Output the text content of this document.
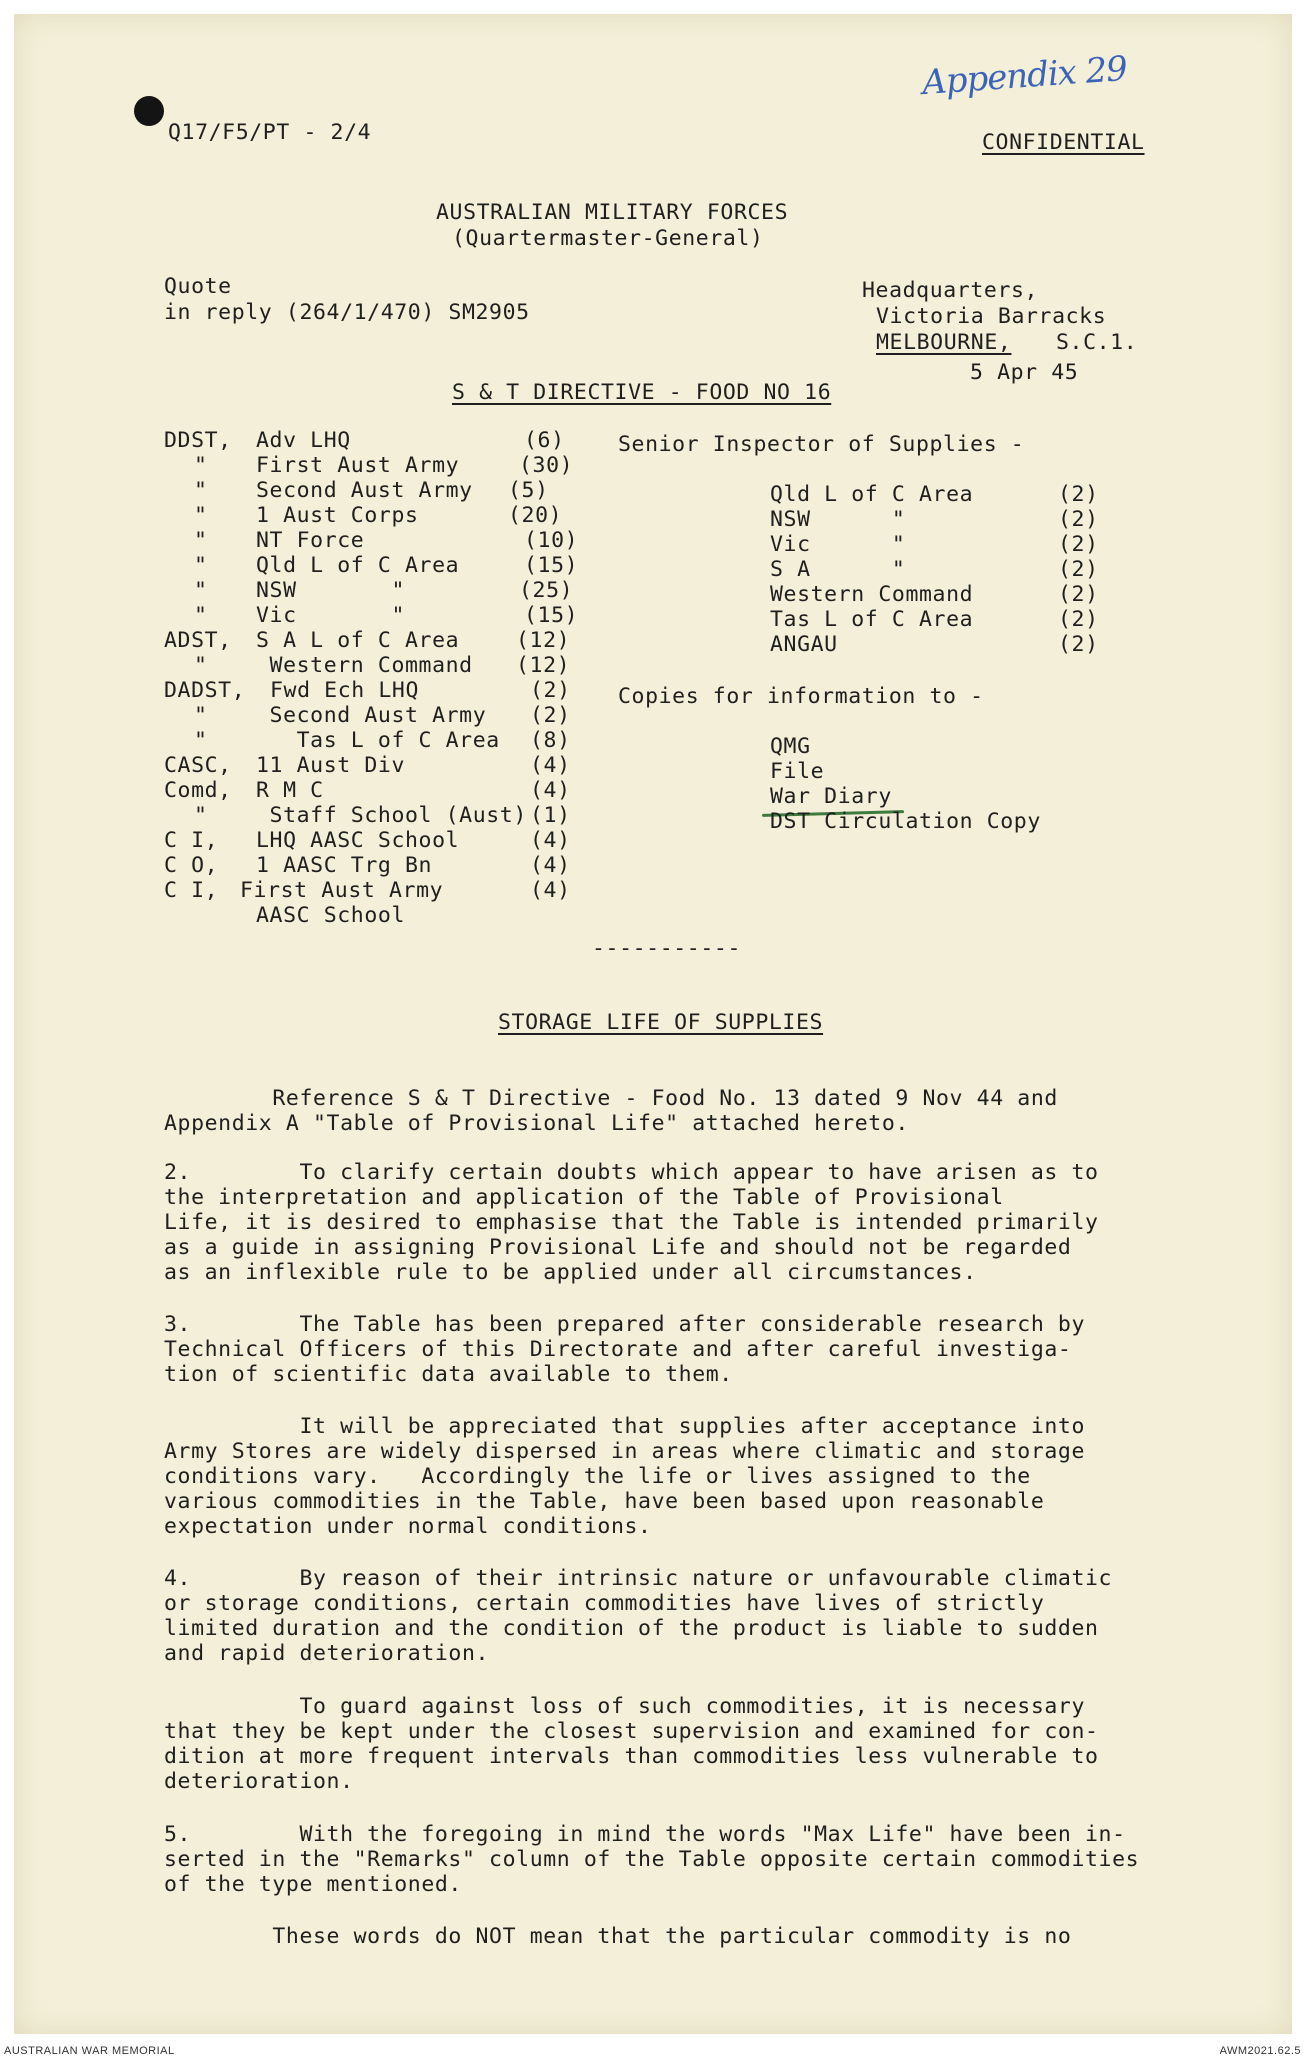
Appendix 29
Q17/F5/PT - 2/4	CONFIDENTIAL
AUSTRALIAN MILITARY FORCES
(Quartermaster-General)
Quote
in reply (264/1/470) SM2905
Headquarters,
Victoria Barracks
MELBOURNE, S.C.1.
5 Apr 45
S & T DIRECTIVE - FOOD NO 16
DDST, Adv LHQ	(6)
" First Aust Army	(30)
" Second Aust Army (5)
" 1 Aust Corps	(20)
" NT Force	(10)
" Qld L of C Area	(15)
" NSW       "	(25)
" Vic       "	(15)
ADST, S A L of C Area	(12)
" Western Command (12)
DADST, Fwd Ech LHQ	(2)
" Second Aust Army (2)
" Tas L of C Area (8)
CASC, 11 Aust Div	(4)
Comd, R M C	(4)
" Staff School (Aust) (1)
C I, LHQ AASC School	(4)
C O, 1 AASC Trg Bn	(4)
C I, First Aust Army	(4)
AASC School
Senior Inspector of Supplies -
Qld L of C Area	(2)
NSW      "	(2)
Vic      "	(2)
S A      "	(2)
Western Command	(2)
Tas L of C Area	(2)
ANGAU	(2)
Copies for information to -
QMG
File
War Diary
DST Circulation Copy
-----------
STORAGE LIFE OF SUPPLIES
Reference S & T Directive - Food No. 13 dated 9 Nov 44 and
Appendix A "Table of Provisional Life" attached hereto.
2.        To clarify certain doubts which appear to have arisen as to
the interpretation and application of the Table of Provisional
Life, it is desired to emphasise that the Table is intended primarily
as a guide in assigning Provisional Life and should not be regarded
as an inflexible rule to be applied under all circumstances.
3.        The Table has been prepared after considerable research by
Technical Officers of this Directorate and after careful investiga-
tion of scientific data available to them.
It will be appreciated that supplies after acceptance into
Army Stores are widely dispersed in areas where climatic and storage
conditions vary.   Accordingly the life or lives assigned to the
various commodities in the Table, have been based upon reasonable
expectation under normal conditions.
4.        By reason of their intrinsic nature or unfavourable climatic
or storage conditions, certain commodities have lives of strictly
limited duration and the condition of the product is liable to sudden
and rapid deterioration.
To guard against loss of such commodities, it is necessary
that they be kept under the closest supervision and examined for con-
dition at more frequent intervals than commodities less vulnerable to
deterioration.
5.        With the foregoing in mind the words "Max Life" have been in-
serted in the "Remarks" column of the Table opposite certain commodities
of the type mentioned.
These words do NOT mean that the particular commodity is no
AUSTRALIAN WAR MEMORIAL	AWM2021.62.5
